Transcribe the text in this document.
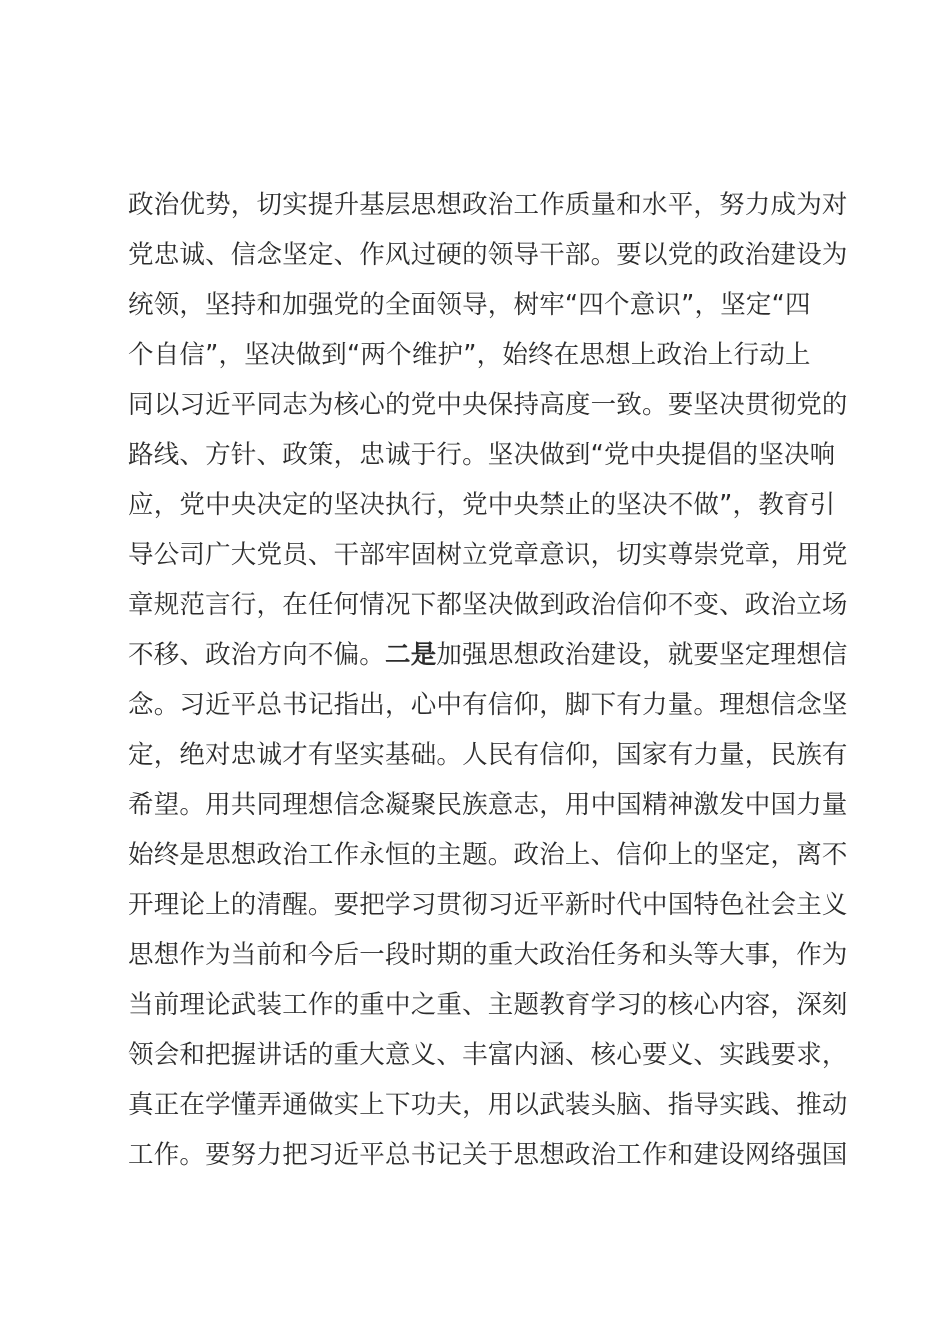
政治优势，切实提升基层思想政治工作质量和水平，努力成为对
党忠诚、信念坚定、作风过硬的领导干部。要以党的政治建设为
统领，坚持和加强党的全面领导，树牢“四个意识”，坚定“四
个自信”，坚决做到“两个维护”，始终在思想上政治上行动上
同以习近平同志为核心的党中央保持高度一致。要坚决贯彻党的
路线、方针、政策，忠诚于行。坚决做到“党中央提倡的坚决响
应，党中央决定的坚决执行，党中央禁止的坚决不做”，教育引
导公司广大党员、干部牢固树立党章意识，切实尊崇党章，用党
章规范言行，在任何情况下都坚决做到政治信仰不变、政治立场
不移、政治方向不偏。二是加强思想政治建设，就要坚定理想信
念。习近平总书记指出，心中有信仰，脚下有力量。理想信念坚
定，绝对忠诚才有坚实基础。人民有信仰，国家有力量，民族有
希望。用共同理想信念凝聚民族意志，用中国精神激发中国力量
始终是思想政治工作永恒的主题。政治上、信仰上的坚定，离不
开理论上的清醒。要把学习贯彻习近平新时代中国特色社会主义
思想作为当前和今后一段时期的重大政治任务和头等大事，作为
当前理论武装工作的重中之重、主题教育学习的核心内容，深刻
领会和把握讲话的重大意义、丰富内涵、核心要义、实践要求，
真正在学懂弄通做实上下功夫，用以武装头脑、指导实践、推动
工作。要努力把习近平总书记关于思想政治工作和建设网络强国
